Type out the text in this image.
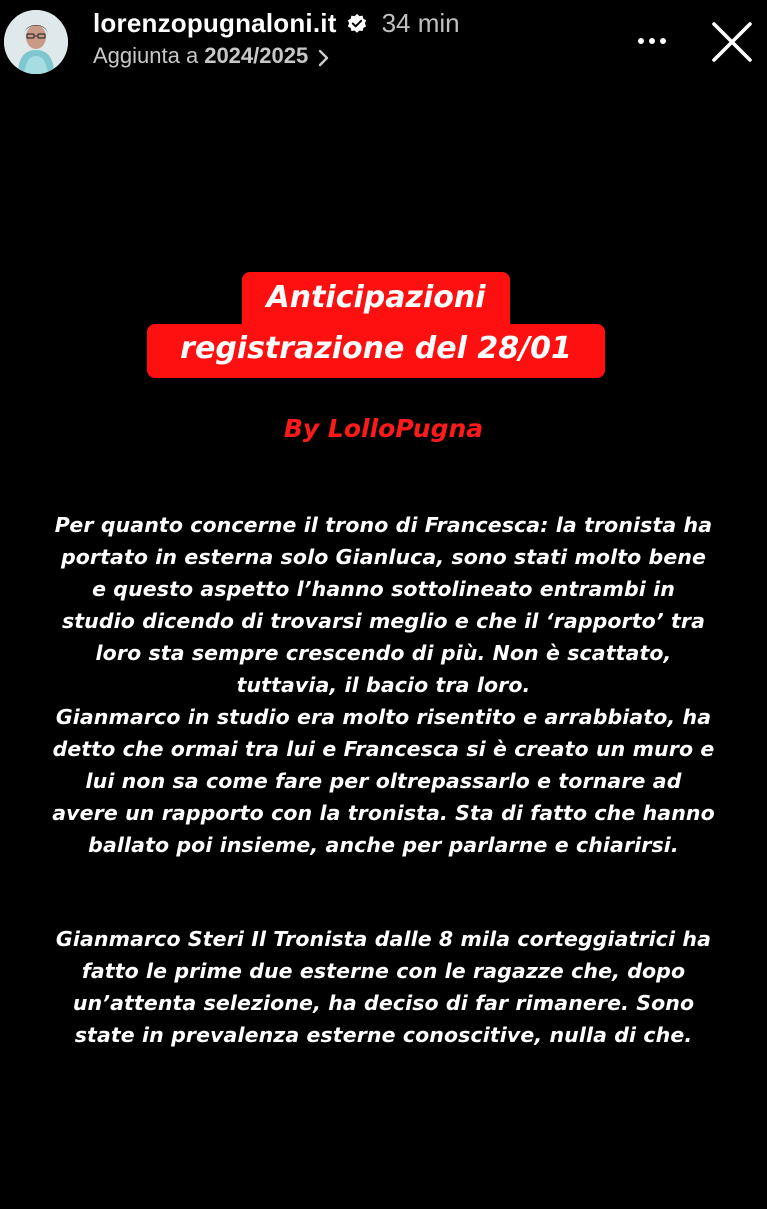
lorenzopugnaloni.it 34 min
Aggiunta a 2024/2025
Anticipazioni
registrazione del 28/01
By LolloPugna
Per quanto concerne il trono di Francesca: la tronista ha
portato in esterna solo Gianluca, sono stati molto bene
e questo aspetto l’hanno sottolineato entrambi in
studio dicendo di trovarsi meglio e che il ‘rapporto’ tra
loro sta sempre crescendo di più. Non è scattato,
tuttavia, il bacio tra loro.
Gianmarco in studio era molto risentito e arrabbiato, ha
detto che ormai tra lui e Francesca si è creato un muro e
lui non sa come fare per oltrepassarlo e tornare ad
avere un rapporto con la tronista. Sta di fatto che hanno
ballato poi insieme, anche per parlarne e chiarirsi.
Gianmarco Steri Il Tronista dalle 8 mila corteggiatrici ha
fatto le prime due esterne con le ragazze che, dopo
un’attenta selezione, ha deciso di far rimanere. Sono
state in prevalenza esterne conoscitive, nulla di che.
